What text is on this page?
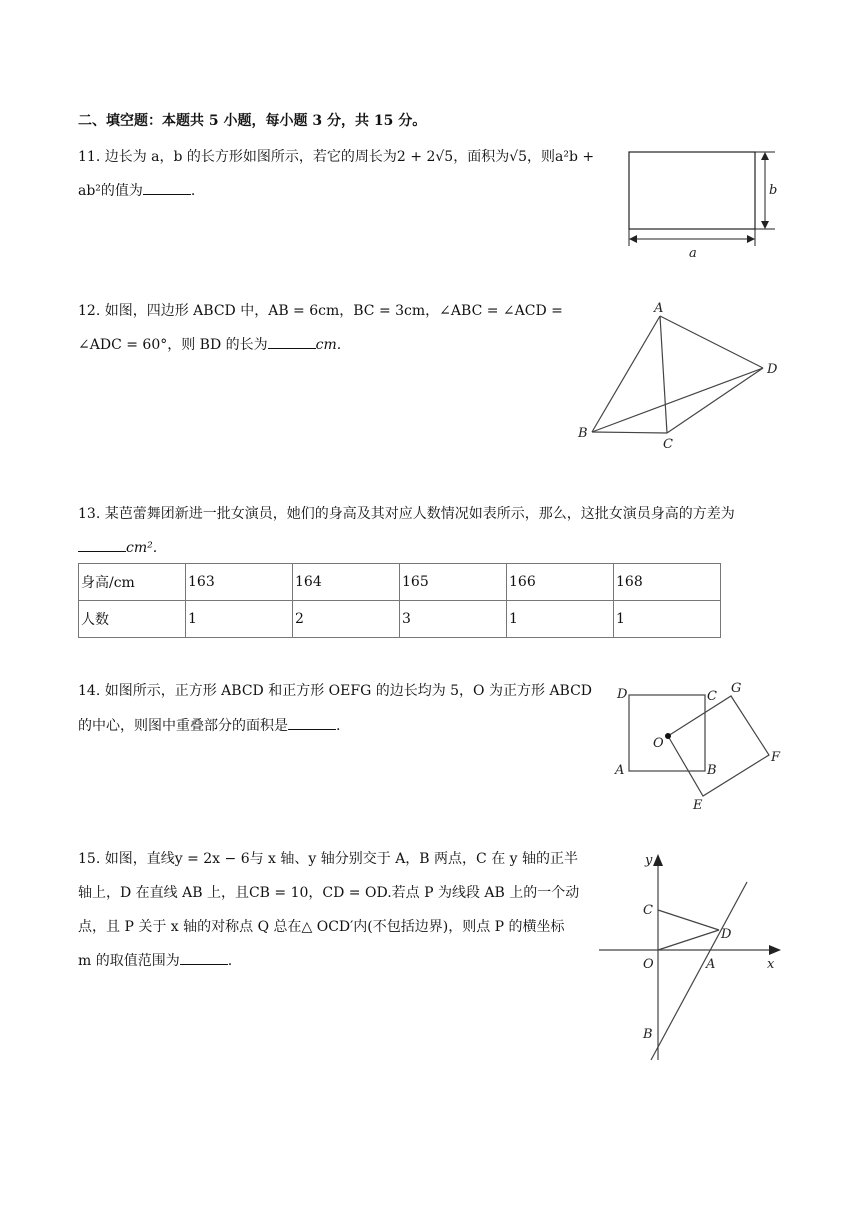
二、填空题：本题共 5 小题，每小题 3 分，共 15 分。
11. 边长为 a，b 的长方形如图所示，若它的周长为2 + 2√5，面积为√5，则a²b +
ab²的值为	.	b
a
12. 如图，四边形 ABCD 中，AB = 6cm，BC = 3cm，∠ABC = ∠ACD =
∠ADC = 60°，则 BD 的长为	cm.
A
B
C
D
13. 某芭蕾舞团新进一批女演员，她们的身高及其对应人数情况如表所示，那么，这批女演员身高的方差为
cm².
身高/cm	163	164	165	166	168
人数	1	2	3	1	1
14. 如图所示，正方形 ABCD 和正方形 OEFG 的边长均为 5，O 为正方形 ABCD
的中心，则图中重叠部分的面积是	.
D	C
G
O
A	B
F
E
15. 如图，直线y = 2x − 6与 x 轴、y 轴分别交于 A，B 两点，C 在 y 轴的正半
轴上，D 在直线 AB 上，且CB = 10，CD = OD.若点 P 为线段 AB 上的一个动
点，且 P 关于 x 轴的对称点 Q 总在△ OCD′内(不包括边界)，则点 P 的横坐标
m 的取值范围为	.	x
y
C
D
O	A
B
